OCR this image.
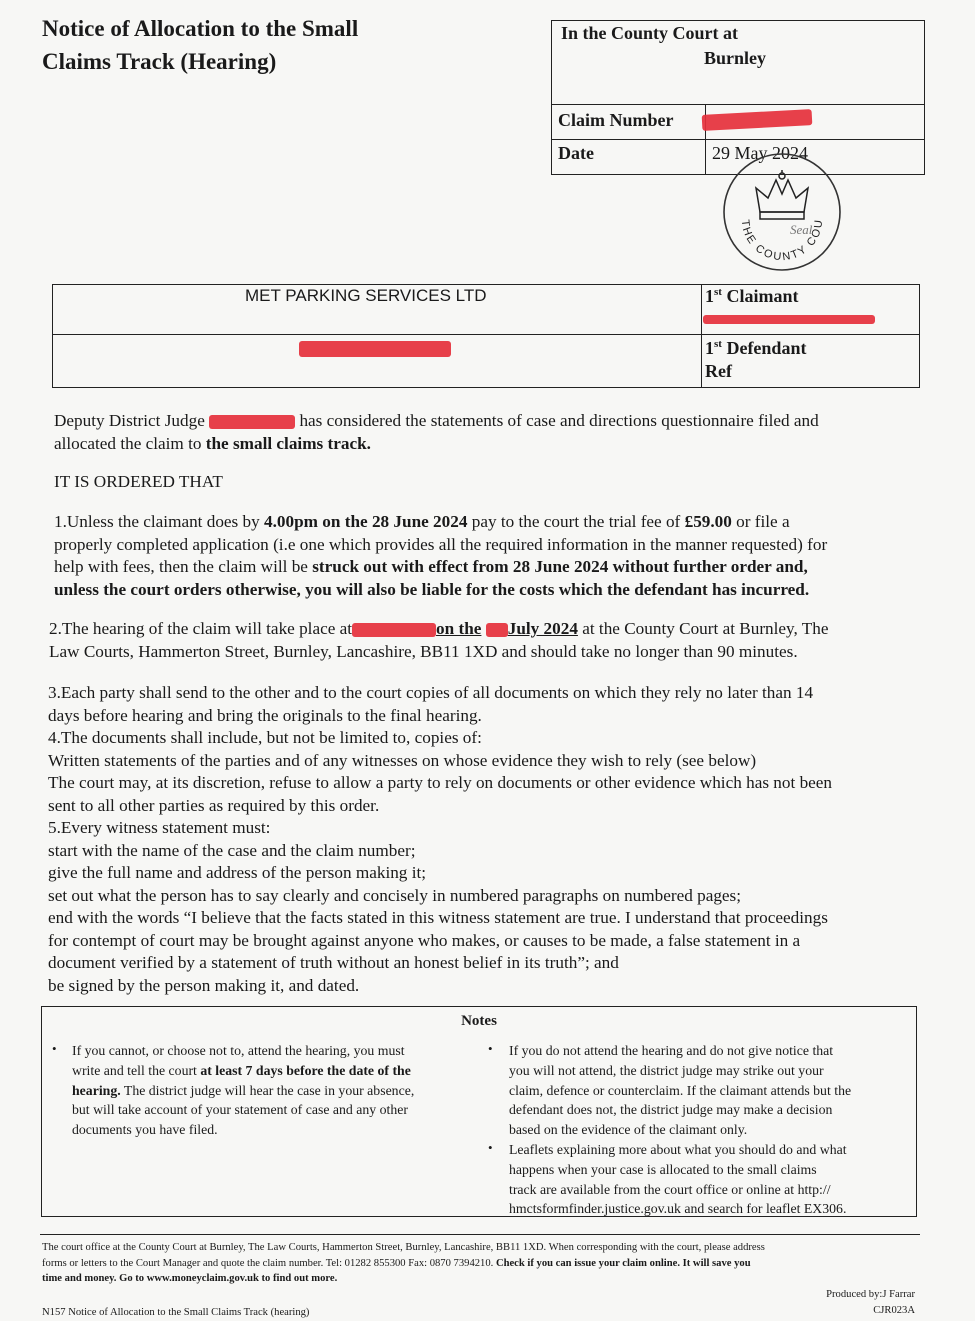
Notice of Allocation to the Small
Claims Track (Hearing)
In the County Court at
Burnley
Claim Number
Date	29 May 2024
THE COUNTY COU
Seal
MET PARKING SERVICES LTD	1st Claimant
1st Defendant
Ref
Deputy District Judge	has considered the statements of case and directions questionnaire filed and
allocated the claim to the small claims track.
IT IS ORDERED THAT
1.Unless the claimant does by 4.00pm on the 28 June 2024 pay to the court the trial fee of £59.00 or file a
properly completed application (i.e one which provides all the required information in the manner requested) for
help with fees, then the claim will be struck out with effect from 28 June 2024 without further order and,
unless the court orders otherwise, you will also be liable for the costs which the defendant has incurred.
2.The hearing of the claim will take place at	on the July 2024 at the County Court at Burnley, The
Law Courts, Hammerton Street, Burnley, Lancashire, BB11 1XD and should take no longer than 90 minutes.
3.Each party shall send to the other and to the court copies of all documents on which they rely no later than 14
days before hearing and bring the originals to the final hearing.
4.The documents shall include, but not be limited to, copies of:
Written statements of the parties and of any witnesses on whose evidence they wish to rely (see below)
The court may, at its discretion, refuse to allow a party to rely on documents or other evidence which has not been
sent to all other parties as required by this order.
5.Every witness statement must:
start with the name of the case and the claim number;
give the full name and address of the person making it;
set out what the person has to say clearly and concisely in numbered paragraphs on numbered pages;
end with the words “I believe that the facts stated in this witness statement are true. I understand that proceedings
for contempt of court may be brought against anyone who makes, or causes to be made, a false statement in a
document verified by a statement of truth without an honest belief in its truth”; and
be signed by the person making it, and dated.
Notes
• If you cannot, or choose not to, attend the hearing, you must
write and tell the court at least 7 days before the date of the
hearing. The district judge will hear the case in your absence,
but will take account of your statement of case and any other
documents you have filed.
• If you do not attend the hearing and do not give notice that
you will not attend, the district judge may strike out your
claim, defence or counterclaim. If the claimant attends but the
defendant does not, the district judge may make a decision
based on the evidence of the claimant only.
• Leaflets explaining more about what you should do and what
happens when your case is allocated to the small claims
track are available from the court office or online at http://
hmctsformfinder.justice.gov.uk and search for leaflet EX306.
The court office at the County Court at Burnley, The Law Courts, Hammerton Street, Burnley, Lancashire, BB11 1XD. When corresponding with the court, please address
forms or letters to the Court Manager and quote the claim number. Tel: 01282 855300 Fax: 0870 7394210. Check if you can issue your claim online. It will save you
time and money. Go to www.moneyclaim.gov.uk to find out more.
Produced by:J Farrar
CJR023A
N157 Notice of Allocation to the Small Claims Track (hearing)
